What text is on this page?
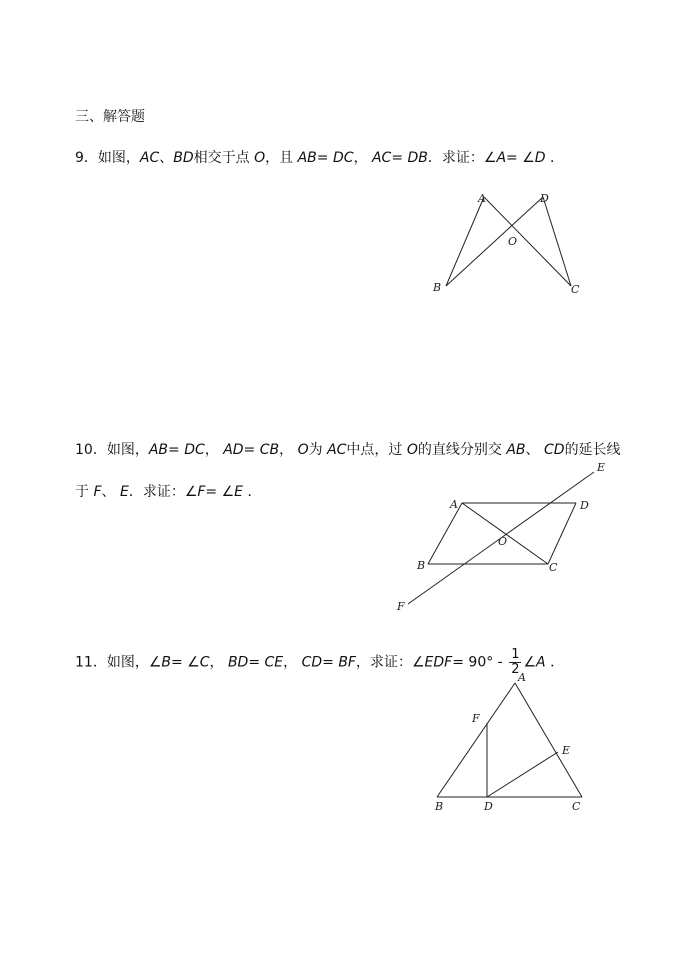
三、解答题
9．如图，AC、BD相交于点 O，且 AB= DC， AC= DB．求证：∠A= ∠D ．
A	D
O
B	C
10．如图，AB= DC， AD= CB， O为 AC中点，过 O的直线分别交 AB、 CD的延长线
于 F、 E．求证：∠F= ∠E ．
E
A	D
O
B	C
F
11．如图，∠B= ∠C， BD= CE， CD= BF，求证：∠EDF= $90^\circ - \frac{1}{2}$ ∠A ．
A
F
E
B	D	C
